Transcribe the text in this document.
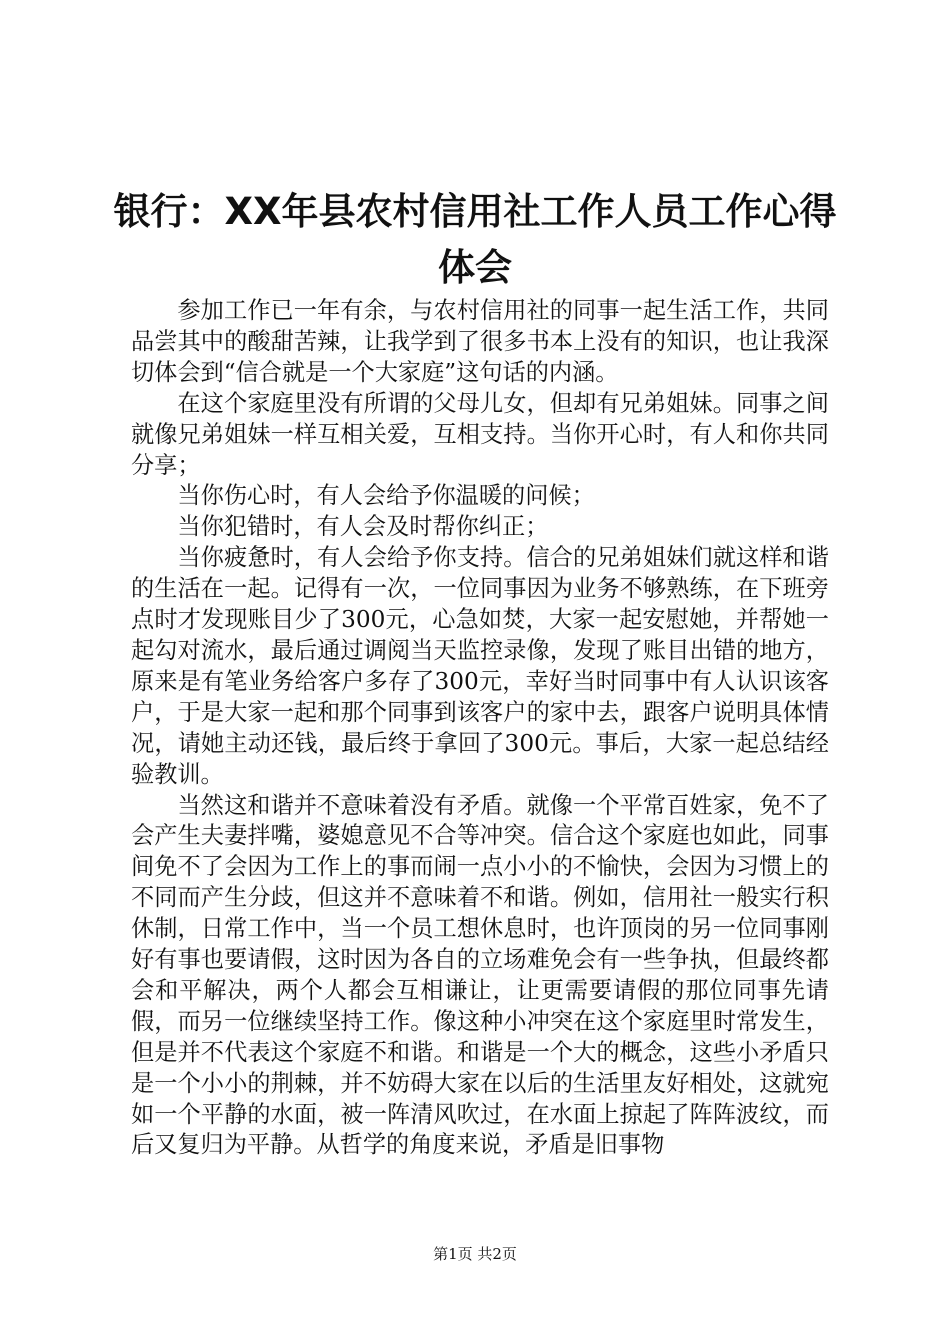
银行：XX年县农村信用社工作人员工作心得
体会

参加工作已一年有余，与农村信用社的同事一起生活工作，共同品尝其中的酸甜苦辣，让我学到了很多书本上没有的知识，也让我深切体会到“信合就是一个大家庭”这句话的内涵。

在这个家庭里没有所谓的父母儿女，但却有兄弟姐妹。同事之间就像兄弟姐妹一样互相关爱，互相支持。当你开心时，有人和你共同分享；

当你伤心时，有人会给予你温暖的问候；

当你犯错时，有人会及时帮你纠正；

当你疲惫时，有人会给予你支持。信合的兄弟姐妹们就这样和谐的生活在一起。记得有一次，一位同事因为业务不够熟练，在下班旁点时才发现账目少了300元，心急如焚，大家一起安慰她，并帮她一起勾对流水，最后通过调阅当天监控录像，发现了账目出错的地方，原来是有笔业务给客户多存了300元，幸好当时同事中有人认识该客户，于是大家一起和那个同事到该客户的家中去，跟客户说明具体情况，请她主动还钱，最后终于拿回了300元。事后，大家一起总结经验教训。

当然这和谐并不意味着没有矛盾。就像一个平常百姓家，免不了会产生夫妻拌嘴，婆媳意见不合等冲突。信合这个家庭也如此，同事间免不了会因为工作上的事而闹一点小小的不愉快，会因为习惯上的不同而产生分歧，但这并不意味着不和谐。例如，信用社一般实行积休制，日常工作中，当一个员工想休息时，也许顶岗的另一位同事刚好有事也要请假，这时因为各自的立场难免会有一些争执，但最终都会和平解决，两个人都会互相谦让，让更需要请假的那位同事先请假，而另一位继续坚持工作。像这种小冲突在这个家庭里时常发生，但是并不代表这个家庭不和谐。和谐是一个大的概念，这些小矛盾只是一个小小的荆棘，并不妨碍大家在以后的生活里友好相处，这就宛如一个平静的水面，被一阵清风吹过，在水面上掠起了阵阵波纹，而后又复归为平静。从哲学的角度来说，矛盾是旧事物

第1页 共2页
